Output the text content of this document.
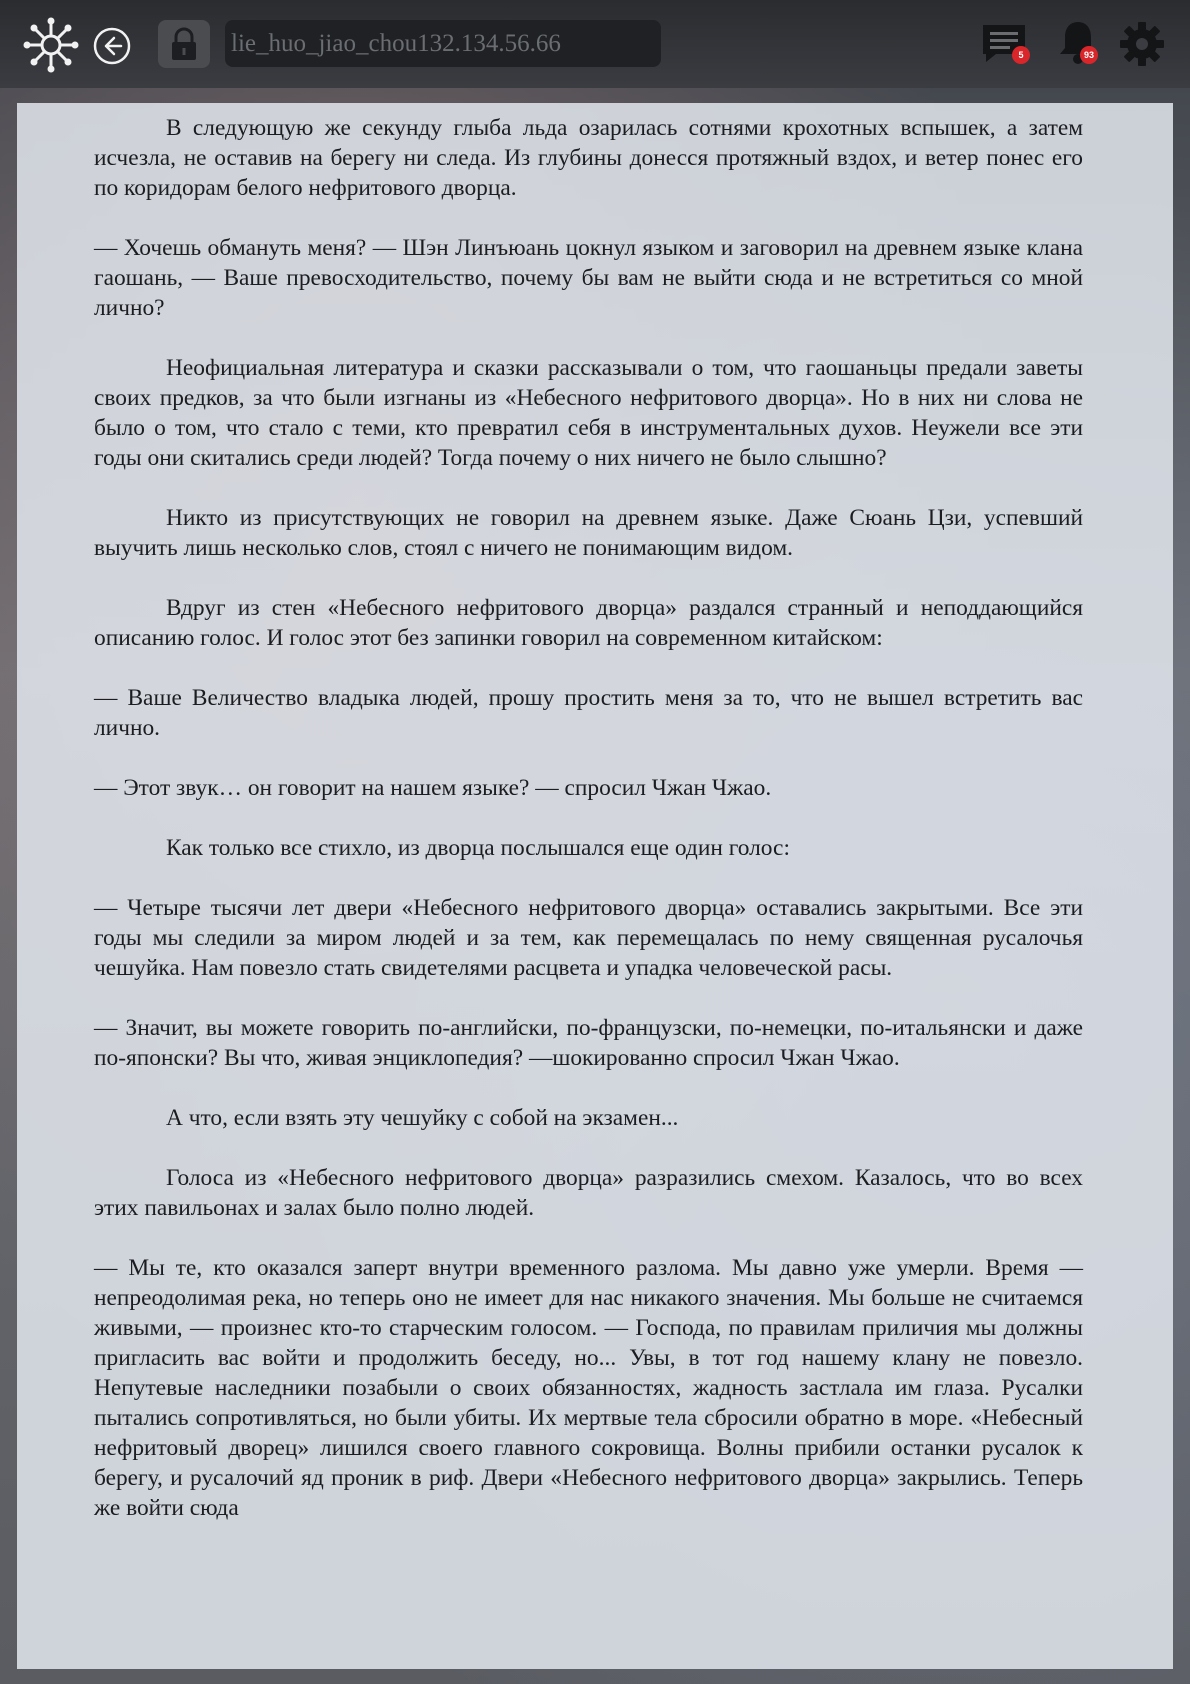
lie_huo_jiao_chou132.134.56.66	5	93

В следующую же секунду глыба льда озарилась сотнями крохотных вспышек, а затем исчезла, не оставив на берегу ни следа. Из глубины донесся протяжный вздох, и ветер понес его по коридорам белого нефритового дворца.

— Хочешь обмануть меня? — Шэн Линъюань цокнул языком и заговорил на древнем языке клана гаошань, — Ваше превосходительство, почему бы вам не выйти сюда и не встретиться со мной лично?

Неофициальная литература и сказки рассказывали о том, что гаошаньцы предали заветы своих предков, за что были изгнаны из «Небесного нефритового дворца». Но в них ни слова не было о том, что стало с теми, кто превратил себя в инструментальных духов. Неужели все эти годы они скитались среди людей? Тогда почему о них ничего не было слышно?

Никто из присутствующих не говорил на древнем языке. Даже Сюань Цзи, успевший выучить лишь несколько слов, стоял с ничего не понимающим видом.

Вдруг из стен «Небесного нефритового дворца» раздался странный и неподдающийся описанию голос. И голос этот без запинки говорил на современном китайском:

— Ваше Величество владыка людей, прошу простить меня за то, что не вышел встретить вас лично.

— Этот звук… он говорит на нашем языке? — спросил Чжан Чжао.

Как только все стихло, из дворца послышался еще один голос:

— Четыре тысячи лет двери «Небесного нефритового дворца» оставались закрытыми. Все эти годы мы следили за миром людей и за тем, как перемещалась по нему священная русалочья чешуйка. Нам повезло стать свидетелями расцвета и упадка человеческой расы.

— Значит, вы можете говорить по-английски, по-французски, по-немецки, по-итальянски и даже по-японски? Вы что, живая энциклопедия? —шокированно спросил Чжан Чжао.

А что, если взять эту чешуйку с собой на экзамен...

Голоса из «Небесного нефритового дворца» разразились смехом. Казалось, что во всех этих павильонах и залах было полно людей.

— Мы те, кто оказался заперт внутри временного разлома. Мы давно уже умерли. Время — непреодолимая река, но теперь оно не имеет для нас никакого значения. Мы больше не считаемся живыми, — произнес кто-то старческим голосом. — Господа, по правилам приличия мы должны пригласить вас войти и продолжить беседу, но... Увы, в тот год нашему клану не повезло. Непутевые наследники позабыли о своих обязанностях, жадность застлала им глаза. Русалки пытались сопротивляться, но были убиты. Их мертвые тела сбросили обратно в море. «Небесный нефритовый дворец» лишился своего главного сокровища. Волны прибили останки русалок к берегу, и русалочий яд проник в риф. Двери «Небесного нефритового дворца» закрылись. Теперь же войти сюда
